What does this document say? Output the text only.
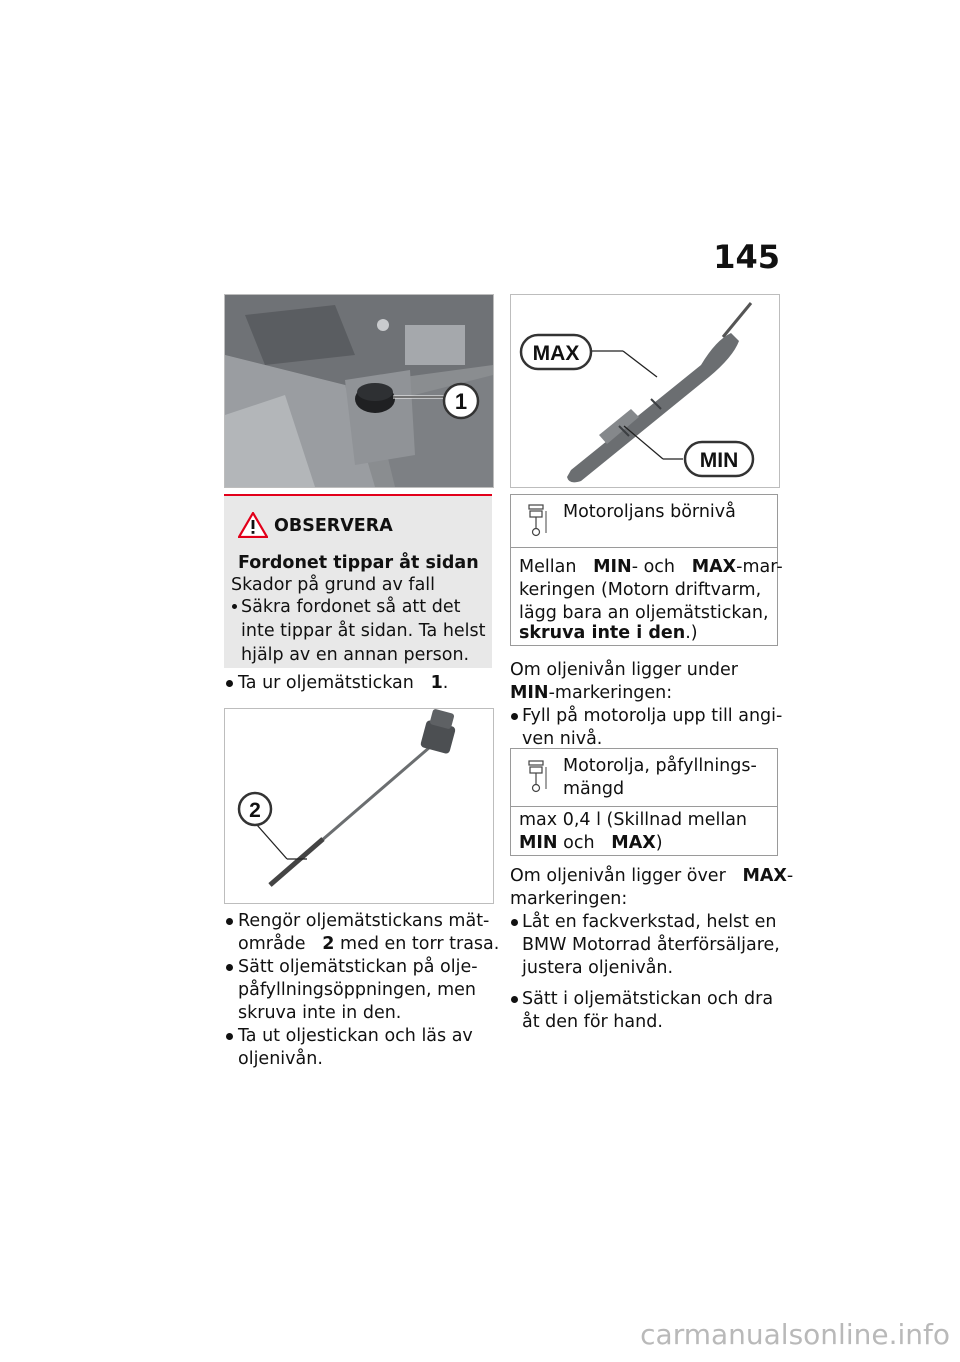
145
1
OBSERVERA
Fordonet tippar åt sidan
Skador på grund av fall
Säkra fordonet så att det
inte tippar åt sidan. Ta helst
hjälp av en annan person.
Ta ur oljemätstickan 1.
2
Rengör oljemätstickans mät-
område 2 med en torr trasa.
Sätt oljemätstickan på olje-
påfyllningsöppningen, men
skruva inte in den.
Ta ut oljestickan och läs av
oljenivån.
MAX
MIN
Motoroljans börnivå
Mellan MIN- och MAX-mar-
keringen (Motorn driftvarm,
lägg bara an oljemätstickan,
skruva inte i den.)
Om oljenivån ligger under
MIN-markeringen:
Fyll på motorolja upp till angi-
ven nivå.
Motorolja, påfyllnings-
mängd
max 0,4 l (Skillnad mellan
MIN och MAX)
Om oljenivån ligger över MAX-
markeringen:
Låt en fackverkstad, helst en
BMW Motorrad återförsäljare,
justera oljenivån.
Sätt i oljemätstickan och dra
åt den för hand.
carmanualsonline.info
